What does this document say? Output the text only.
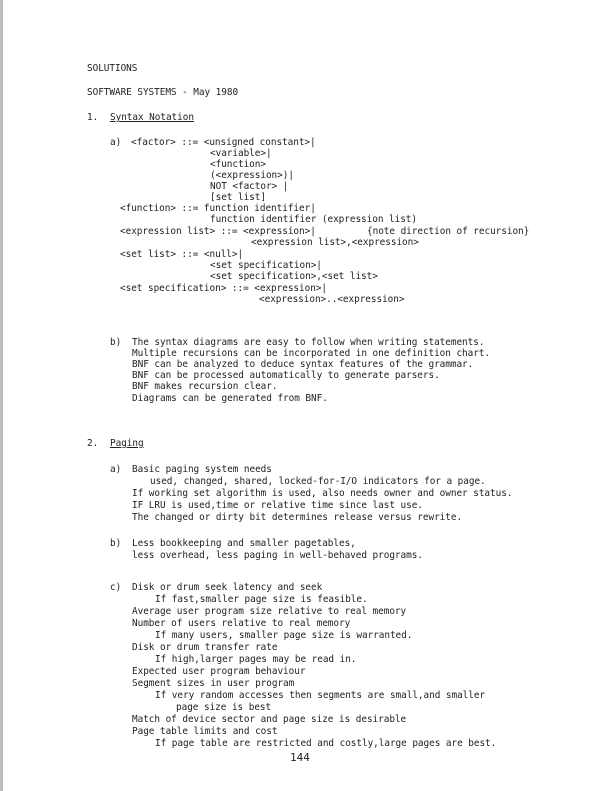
SOLUTIONS
SOFTWARE SYSTEMS - May 1980
1. Syntax Notation
a) <factor> ::= <unsigned constant>|
<variable>|
<function>
(<expression>)|
NOT <factor> |
[set list]
<function> ::= function identifier|
function identifier (expression list)
<expression list> ::= <expression>|	{note direction of recursion}
<expression list>,<expression>
<set list> ::= <null>|
<set specification>|
<set specification>,<set list>
<set specification> ::= <expression>|
<expression>..<expression>
b) The syntax diagrams are easy to follow when writing statements.
Multiple recursions can be incorporated in one definition chart.
BNF can be analyzed to deduce syntax features of the grammar.
BNF can be processed automatically to generate parsers.
BNF makes recursion clear.
Diagrams can be generated from BNF.
2. Paging
a) Basic paging system needs
used, changed, shared, locked-for-I/O indicators for a page.
If working set algorithm is used, also needs owner and owner status.
IF LRU is used,time or relative time since last use.
The changed or dirty bit determines release versus rewrite.
b) Less bookkeeping and smaller pagetables,
less overhead, less paging in well-behaved programs.
c) Disk or drum seek latency and seek
If fast,smaller page size is feasible.
Average user program size relative to real memory
Number of users relative to real memory
If many users, smaller page size is warranted.
Disk or drum transfer rate
If high,larger pages may be read in.
Expected user program behaviour
Segment sizes in user program
If very random accesses then segments are small,and smaller
page size is best
Match of device sector and page size is desirable
Page table limits and cost
If page table are restricted and costly,large pages are best.
144
